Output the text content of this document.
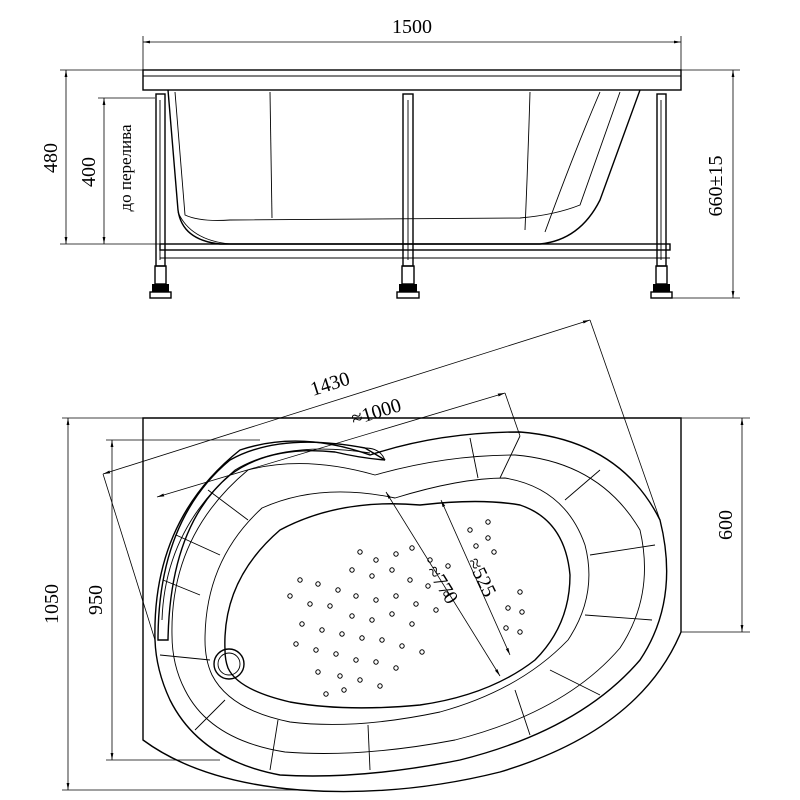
1500
480 400 до перелива	660±15
1430
≈1000
1050 950
600
≈770 ≈525
